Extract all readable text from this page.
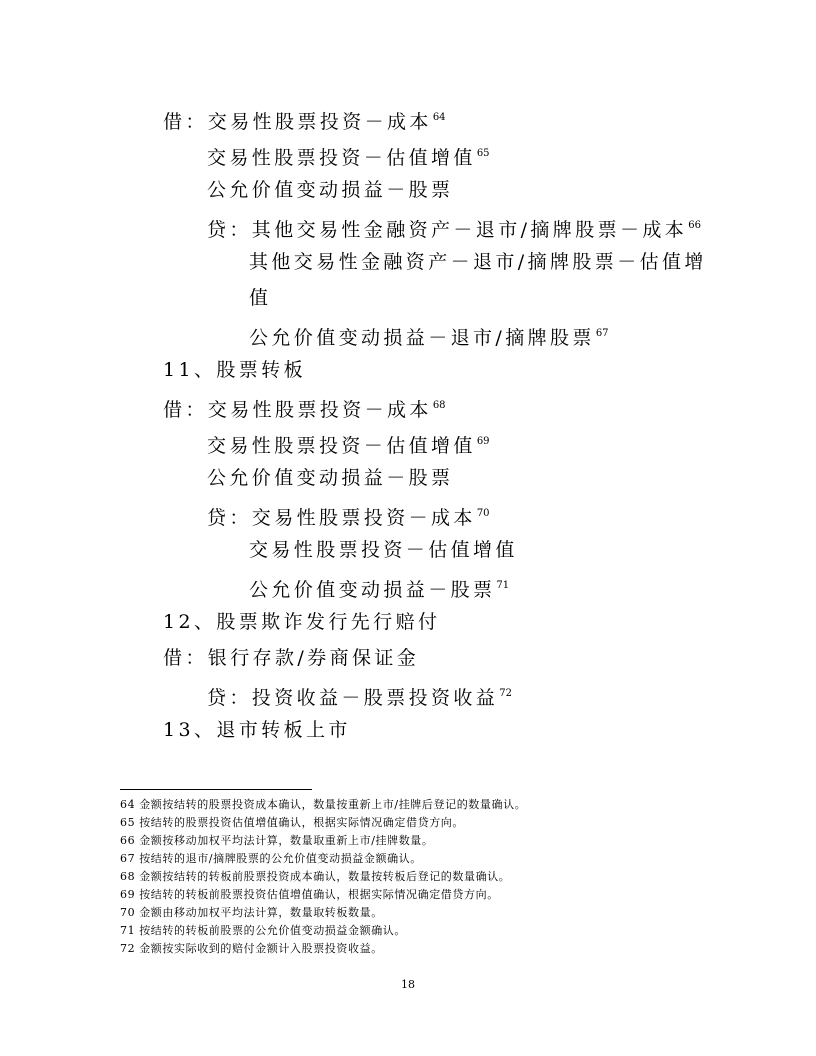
借：交易性股票投资－成本$^{64}$
交易性股票投资－估值增值$^{65}$
公允价值变动损益－股票
贷：其他交易性金融资产－退市/摘牌股票－成本$^{66}$
其他交易性金融资产－退市/摘牌股票－估值增
值
公允价值变动损益－退市/摘牌股票$^{67}$
11、股票转板
借：交易性股票投资－成本$^{68}$
交易性股票投资－估值增值$^{69}$
公允价值变动损益－股票
贷：交易性股票投资－成本$^{70}$
交易性股票投资－估值增值
公允价值变动损益－股票$^{71}$
12、股票欺诈发行先行赔付
借：银行存款/券商保证金
贷：投资收益－股票投资收益$^{72}$
13、退市转板上市
64 金额按结转的股票投资成本确认，数量按重新上市/挂牌后登记的数量确认。
65 按结转的股票投资估值增值确认，根据实际情况确定借贷方向。
66 金额按移动加权平均法计算，数量取重新上市/挂牌数量。
67 按结转的退市/摘牌股票的公允价值变动损益金额确认。
68 金额按结转的转板前股票投资成本确认，数量按转板后登记的数量确认。
69 按结转的转板前股票投资估值增值确认，根据实际情况确定借贷方向。
70 金额由移动加权平均法计算，数量取转板数量。
71 按结转的转板前股票的公允价值变动损益金额确认。
72 金额按实际收到的赔付金额计入股票投资收益。
18
